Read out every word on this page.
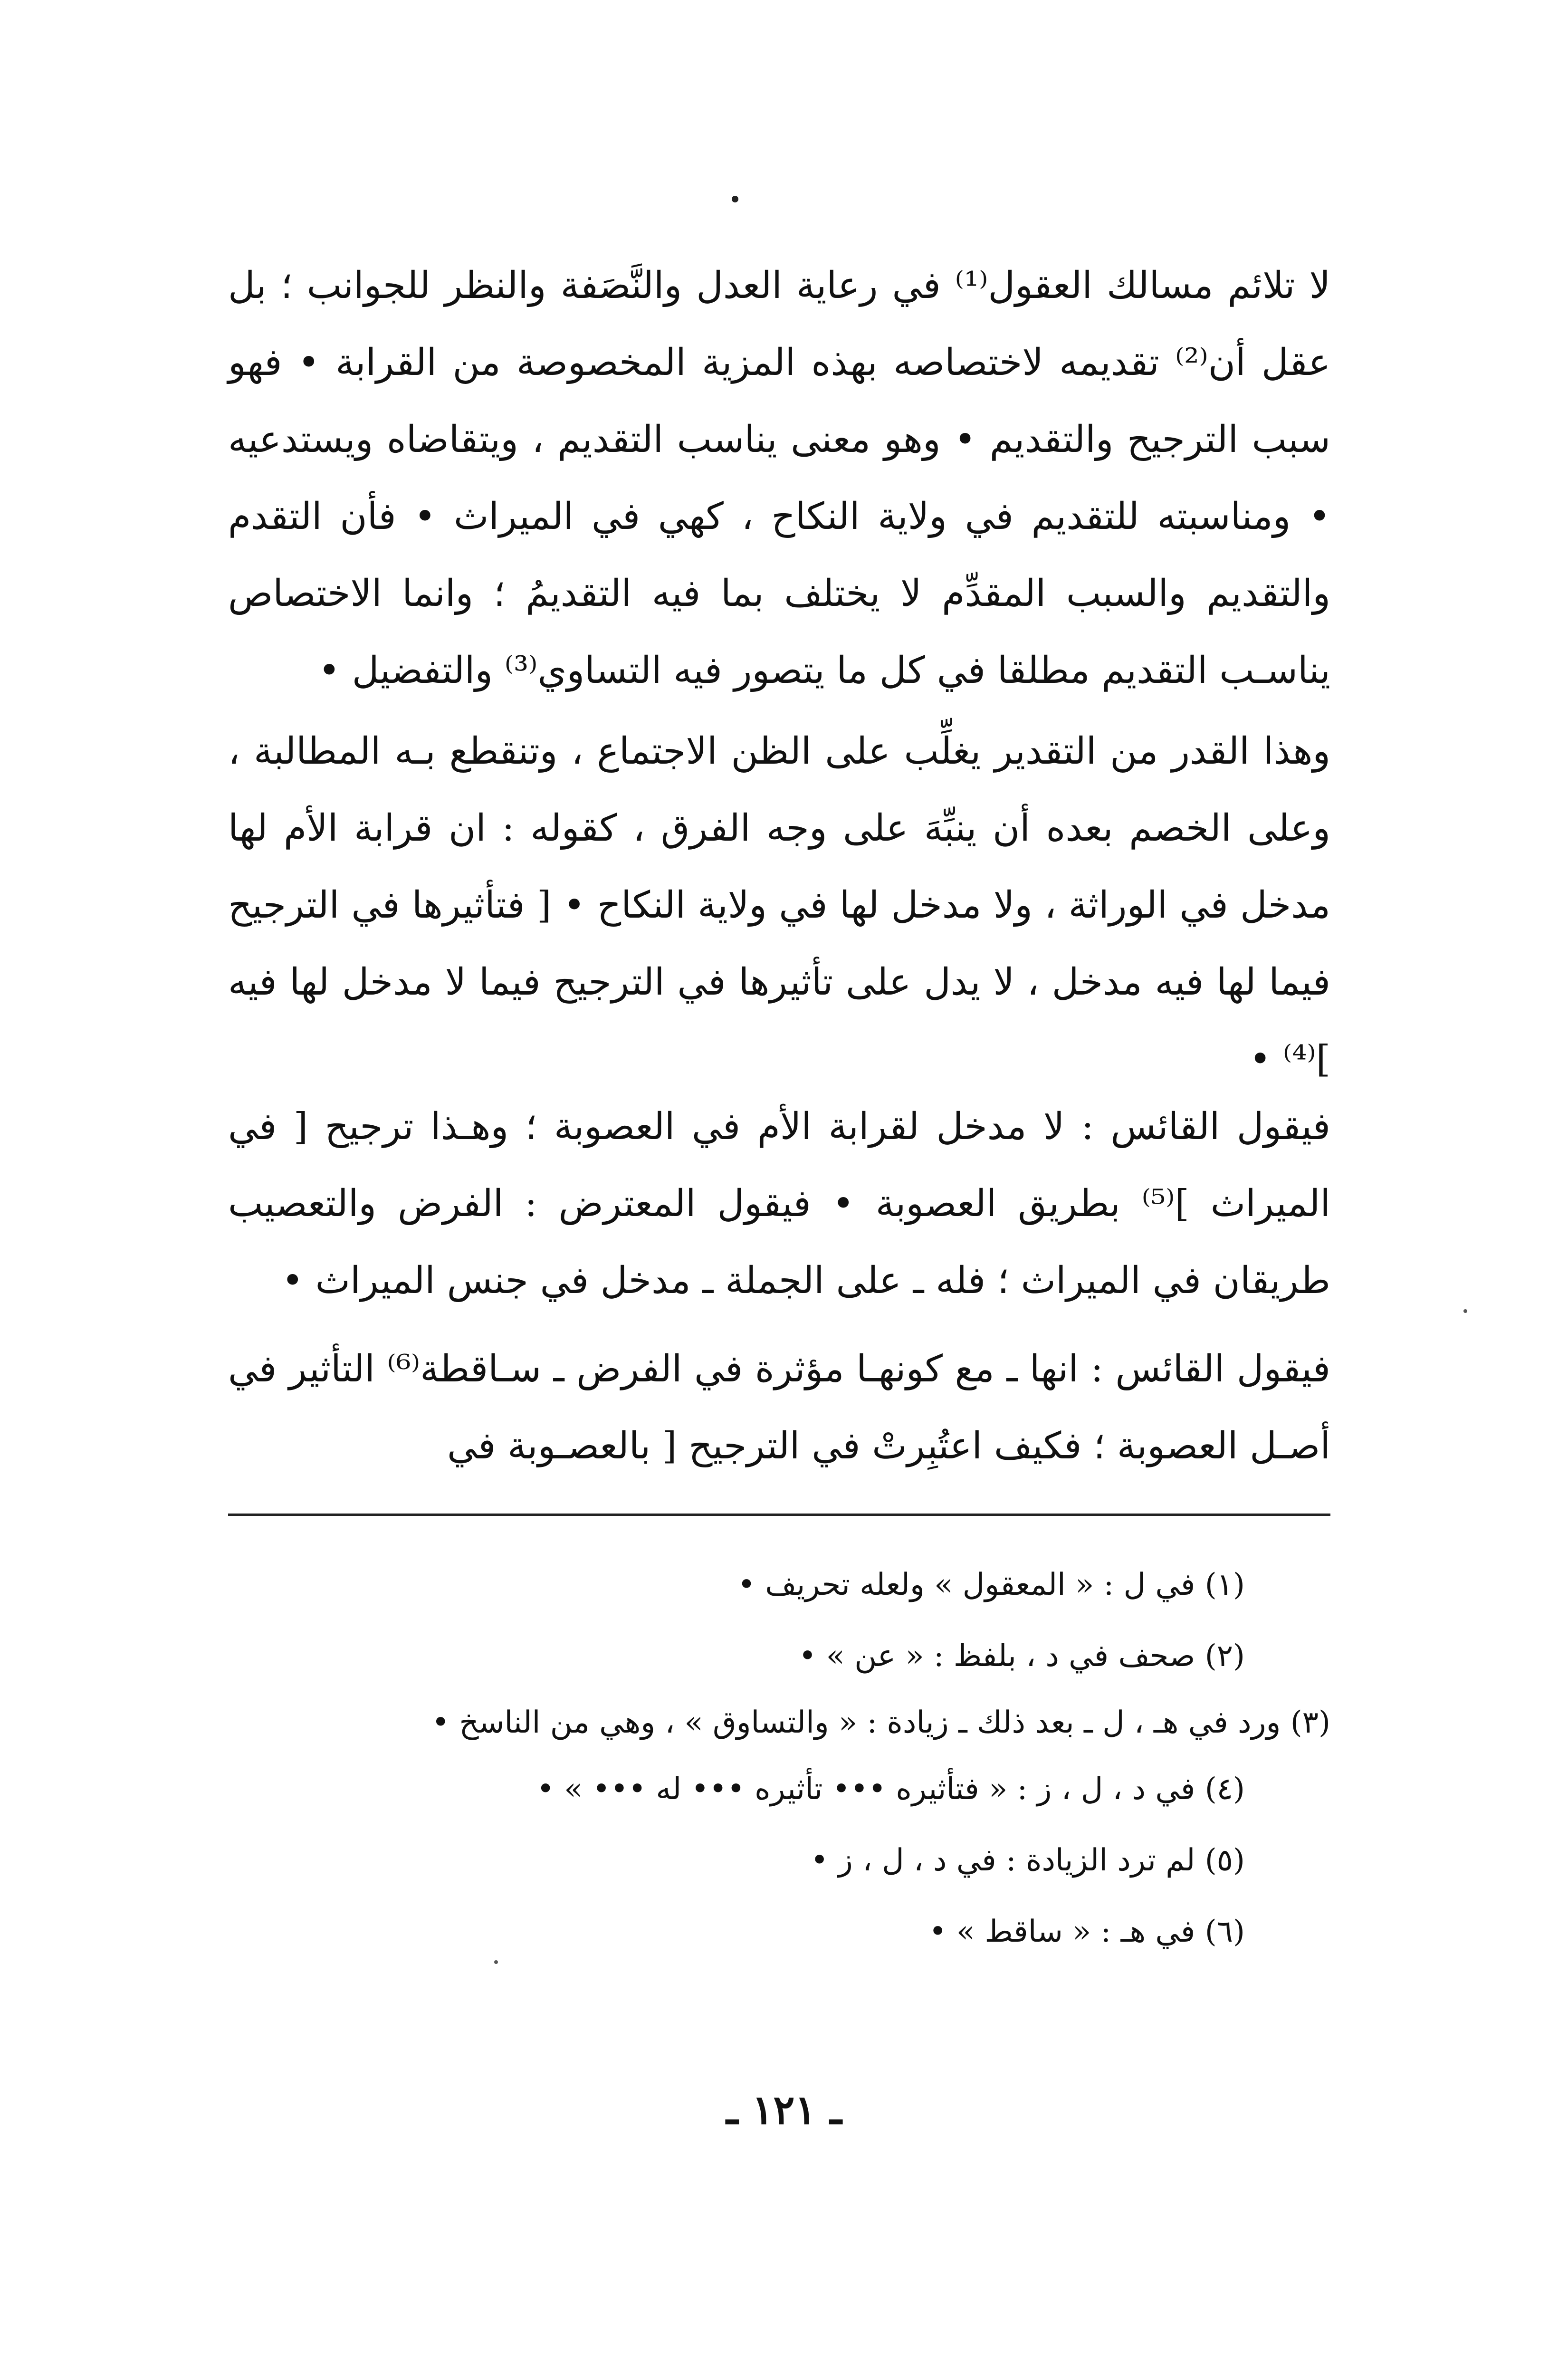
لا تلائم مسالك العقول⁽¹⁾ في رعاية العدل والنَّصَفة والنظر للجوانب ؛ بل عقل أن⁽²⁾ تقديمه لاختصاصه بهذه المزية المخصوصة من القرابة • فهو سبب الترجيح والتقديم • وهو معنى يناسب التقديم ، ويتقاضاه ويستدعيه • ومناسبته للتقديم في ولاية النكاح ، كهي في الميراث • فأن التقدم والتقديم والسبب المقدِّم لا يختلف بما فيه التقديمُ ؛ وانما الاختصاص يناسـب التقديم مطلقا في كل ما يتصور فيه التساوي⁽³⁾ والتفضيل •

وهذا القدر من التقدير يغلِّب على الظن الاجتماع ، وتنقطع بـه المطالبة ، وعلى الخصم بعده أن ينبِّهَ على وجه الفرق ، كقوله : ان قرابة الأم لها مدخل في الوراثة ، ولا مدخل لها في ولاية النكاح • [ فتأثيرها في الترجيح فيما لها فيه مدخل ، لا يدل على تأثيرها في الترجيح فيما لا مدخل لها فيه ]⁽⁴⁾ •

فيقول القائس : لا مدخل لقرابة الأم في العصوبة ؛ وهـذا ترجيح [ في الميراث ]⁽⁵⁾ بطريق العصوبة • فيقول المعترض : الفرض والتعصيب طريقان في الميراث ؛ فله ـ على الجملة ـ مدخل في جنس الميراث •

فيقول القائس : انها ـ مع كونهـا مؤثرة في الفرض ـ سـاقطة⁽⁶⁾ التأثير في أصـل العصوبة ؛ فكيف اعتُبِرتْ في الترجيح [ بالعصـوبة في

(١) في ل : « المعقول » ولعله تحريف •

(٢) صحف في د ، بلفظ : « عن » •

(٣) ورد في هـ ، ل ـ بعد ذلك ـ زيادة : « والتساوق » ، وهي من الناسخ •

(٤) في د ، ل ، ز : « فتأثيره ••• تأثيره ••• له ••• » •

(٥) لم ترد الزيادة : في د ، ل ، ز •

(٦) في هـ : « ساقط » •

ـ ١٢١ ـ
